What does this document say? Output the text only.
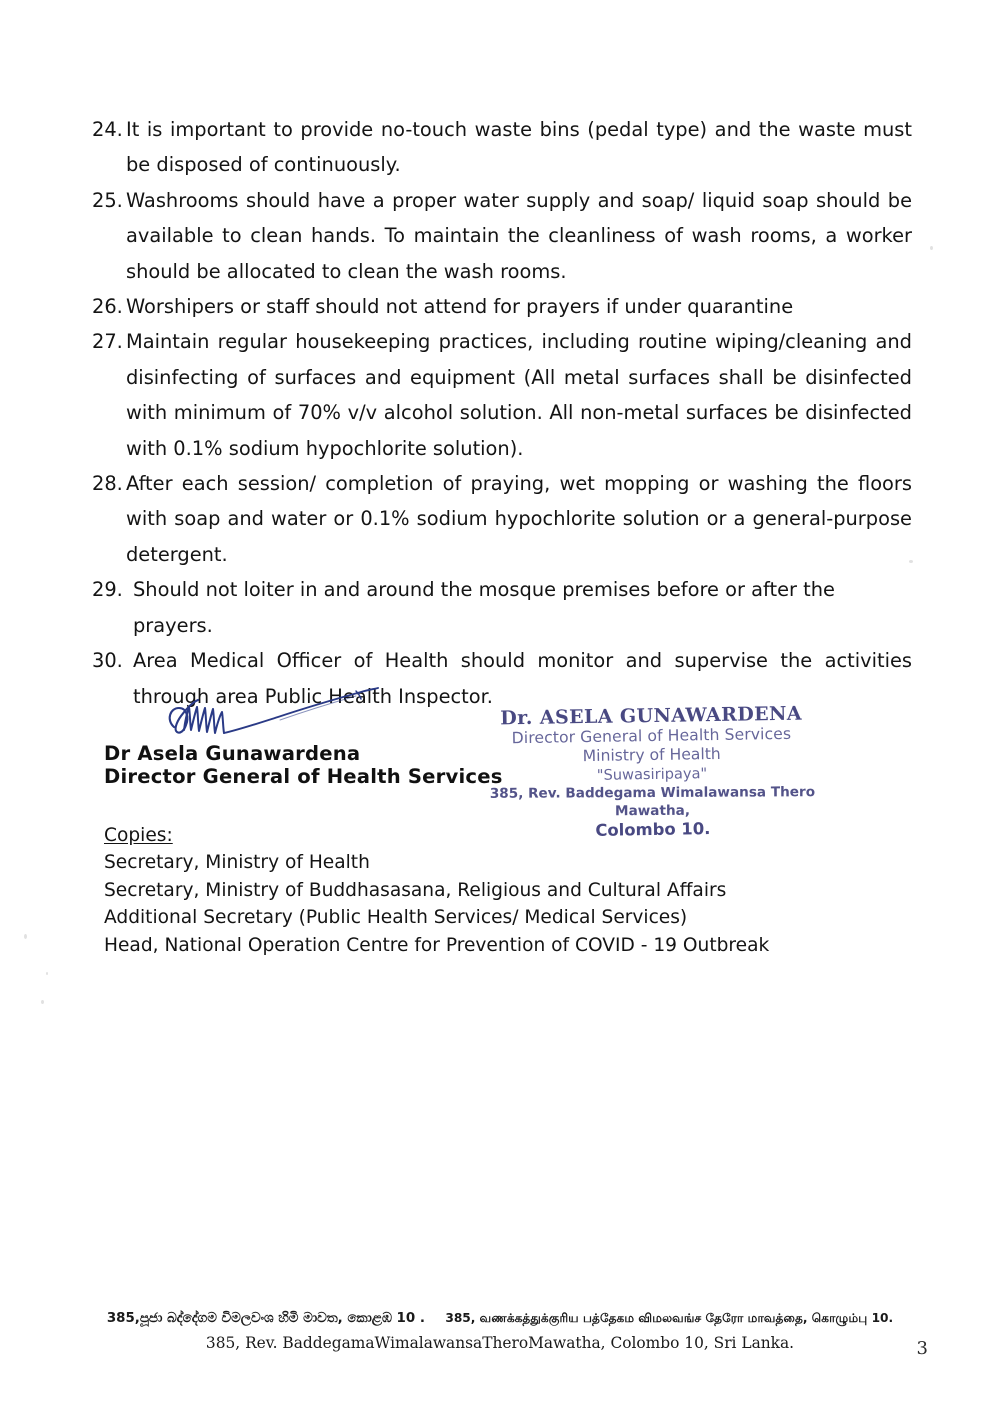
24. It is important to provide no-touch waste bins (pedal type) and the waste must be disposed of continuously.
25. Washrooms should have a proper water supply and soap/ liquid soap should be available to clean hands. To maintain the cleanliness of wash rooms, a worker should be allocated to clean the wash rooms.
26. Worshipers or staff should not attend for prayers if under quarantine
27. Maintain regular housekeeping practices, including routine wiping/cleaning and disinfecting of surfaces and equipment (All metal surfaces shall be disinfected with minimum of 70% v/v alcohol solution. All non-metal surfaces be disinfected with 0.1% sodium hypochlorite solution).
28. After each session/ completion of praying, wet mopping or washing the floors with soap and water or 0.1% sodium hypochlorite solution or a general-purpose detergent.
29. Should not loiter in and around the mosque premises before or after the prayers.
30. Area Medical Officer of Health should monitor and supervise the activities through area Public Health Inspector.
Dr Asela Gunawardena
Director General of Health Services
Dr. ASELA GUNAWARDENA
Director General of Health Services
Ministry of Health
"Suwasiripaya"
385, Rev. Baddegama Wimalawansa Thero Mawatha,
Colombo 10.
Copies:
Secretary, Ministry of Health
Secretary, Ministry of Buddhasasana, Religious and Cultural Affairs
Additional Secretary (Public Health Services/ Medical Services)
Head, National Operation Centre for Prevention of COVID - 19 Outbreak
385,පූජා බද්දේගම විමලවංශ හිමි මාවත, කොළඹ 10 . 385, வணக்கத்துக்குரிய பத்தேகம விமலவங்ச தேரோ மாவத்தை, கொழும்பு 10.
385, Rev. BaddegamaWimalawansaTheroMawatha, Colombo 10, Sri Lanka.	3
